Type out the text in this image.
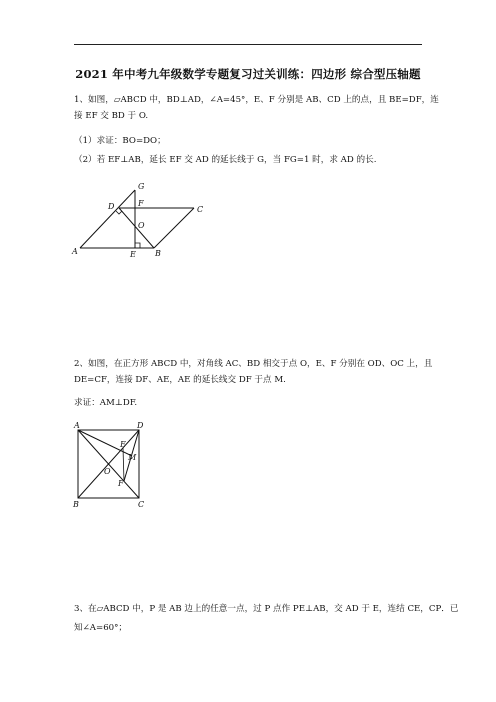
2021 年中考九年级数学专题复习过关训练：四边形 综合型压轴题
1、如图，▱ABCD 中，BD⊥AD，∠A=45°，E、F 分别是 AB、CD 上的点，且 BE=DF，连
接 EF 交 BD 于 O.
（1）求证：BO=DO；
（2）若 EF⊥AB，延长 EF 交 AD 的延长线于 G，当 FG=1 时，求 AD 的长.
G
D	F
C
O
A	E B
2、如图，在正方形 ABCD 中，对角线 AC、BD 相交于点 O，E、F 分别在 OD、OC 上，且
DE=CF，连接 DF、AE，AE 的延长线交 DF 于点 M.
求证：AM⊥DF.
A	D
E
M
O
F
B	C
3、在▱ABCD 中，P 是 AB 边上的任意一点，过 P 点作 PE⊥AB，交 AD 于 E，连结 CE，CP．已
知∠A=60°；
